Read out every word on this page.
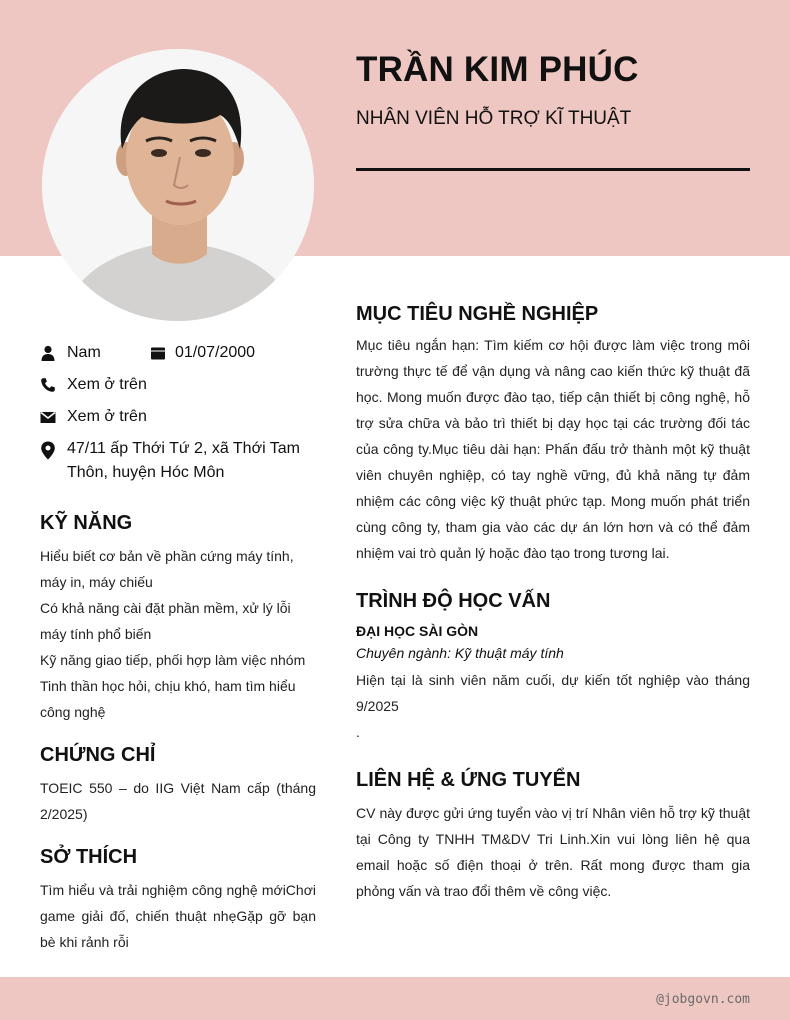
TRẦN KIM PHÚC
NHÂN VIÊN HỖ TRỢ KĨ THUẬT
Nam	01/07/2000
Xem ở trên
Xem ở trên
47/11 ấp Thới Tứ 2, xã Thới Tam Thôn, huyện Hóc Môn
KỸ NĂNG
Hiểu biết cơ bản về phần cứng máy tính, máy in, máy chiếu
Có khả năng cài đặt phần mềm, xử lý lỗi máy tính phổ biến
Kỹ năng giao tiếp, phối hợp làm việc nhóm
Tinh thần học hỏi, chịu khó, ham tìm hiểu công nghệ
CHỨNG CHỈ

TOEIC 550 – do IIG Việt Nam cấp (tháng 2/2025)

SỞ THÍCH

Tìm hiểu và trải nghiệm công nghệ mớiChơi game giải đố, chiến thuật nhẹGặp gỡ bạn bè khi rảnh rỗi

MỤC TIÊU NGHỀ NGHIỆP

Mục tiêu ngắn hạn: Tìm kiếm cơ hội được làm việc trong môi trường thực tế để vận dụng và nâng cao kiến thức kỹ thuật đã học. Mong muốn được đào tạo, tiếp cận thiết bị công nghệ, hỗ trợ sửa chữa và bảo trì thiết bị dạy học tại các trường đối tác của công ty.Mục tiêu dài hạn: Phấn đấu trở thành một kỹ thuật viên chuyên nghiệp, có tay nghề vững, đủ khả năng tự đảm nhiệm các công việc kỹ thuật phức tạp. Mong muốn phát triển cùng công ty, tham gia vào các dự án lớn hơn và có thể đảm nhiệm vai trò quản lý hoặc đào tạo trong tương lai.

TRÌNH ĐỘ HỌC VẤN
ĐẠI HỌC SÀI GÒN
Chuyên ngành: Kỹ thuật máy tính

Hiện tại là sinh viên năm cuối, dự kiến tốt nghiệp vào tháng 9/2025

.

LIÊN HỆ & ỨNG TUYỂN

CV này được gửi ứng tuyển vào vị trí Nhân viên hỗ trợ kỹ thuật tại Công ty TNHH TM&DV Tri Linh.Xin vui lòng liên hệ qua email hoặc số điện thoại ở trên. Rất mong được tham gia phỏng vấn và trao đổi thêm về công việc.

@jobgovn.com
